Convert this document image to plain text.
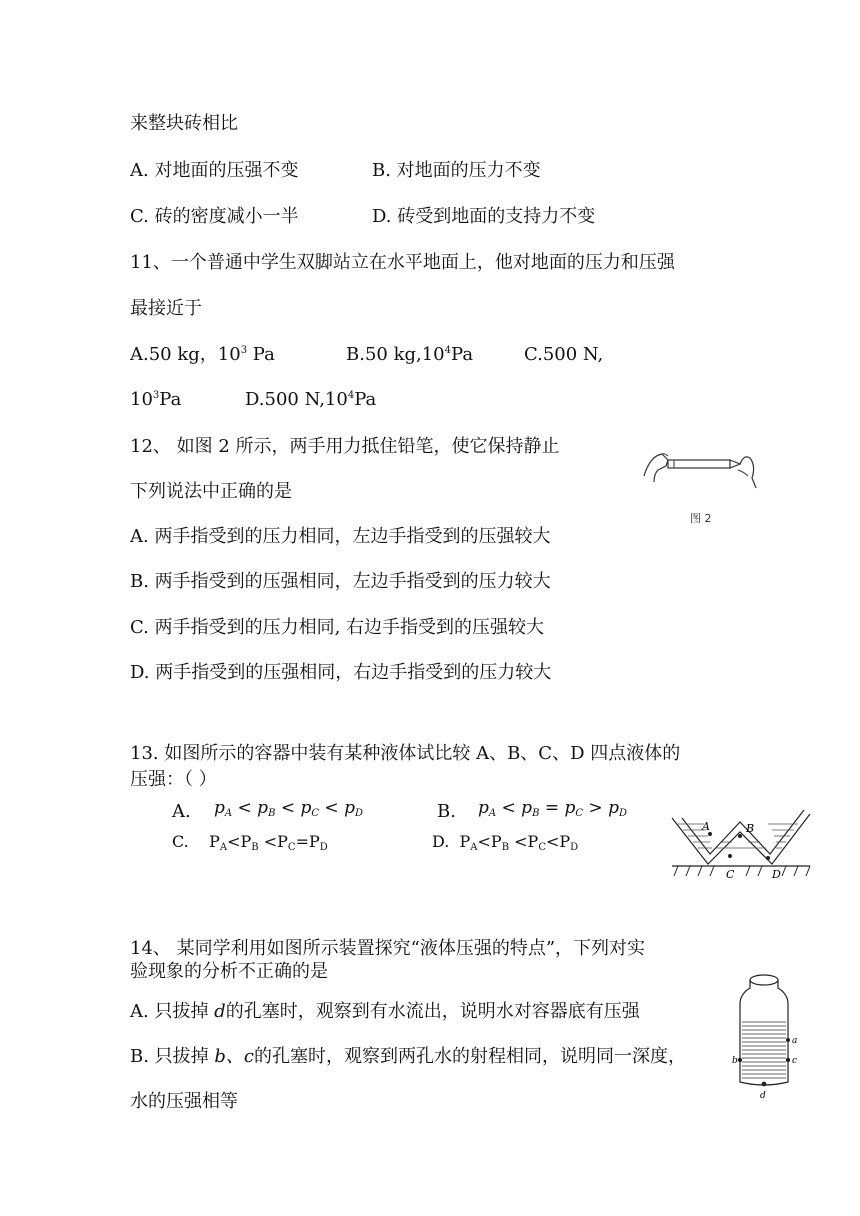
来整块砖相比
A. 对地面的压强不变	B. 对地面的压力不变
C. 砖的密度减小一半	D. 砖受到地面的支持力不变
11、一个普通中学生双脚站立在水平地面上，他对地面的压力和压强
最接近于
A.50 kg，$10^3$ Pa	B.50 $kg,10^4Pa$	C.500 N,
$10^3Pa$	D.500 $N,10^4Pa$
12、 如图 2 所示，两手用力抵住铅笔，使它保持静止
下列说法中正确的是
图 2
A. 两手指受到的压力相同，左边手指受到的压强较大
B. 两手指受到的压强相同，左边手指受到的压力较大
C. 两手指受到的压力相同, 右边手指受到的压强较大
D. 两手指受到的压强相同，右边手指受到的压力较大
13. 如图所示的容器中装有某种液体试比较 A、B、C、D 四点液体的
压强：（ ）
A. $p_A < p_B < p_C < p_D$	B. $p_A < p_B = p_C > p_D$
C.    $P_A<P_B <P_C=P_D$	D.  $P_A<P_B <P_C<P_D$
A	B
C	D
14、 某同学利用如图所示装置探究“液体压强的特点”，下列对实
验现象的分析不正确的是
A. 只拔掉 d的孔塞时，观察到有水流出，说明水对容器底有压强
B. 只拔掉 b、c的孔塞时，观察到两孔水的射程相同，说明同一深度，
水的压强相等
a
b	c
d
